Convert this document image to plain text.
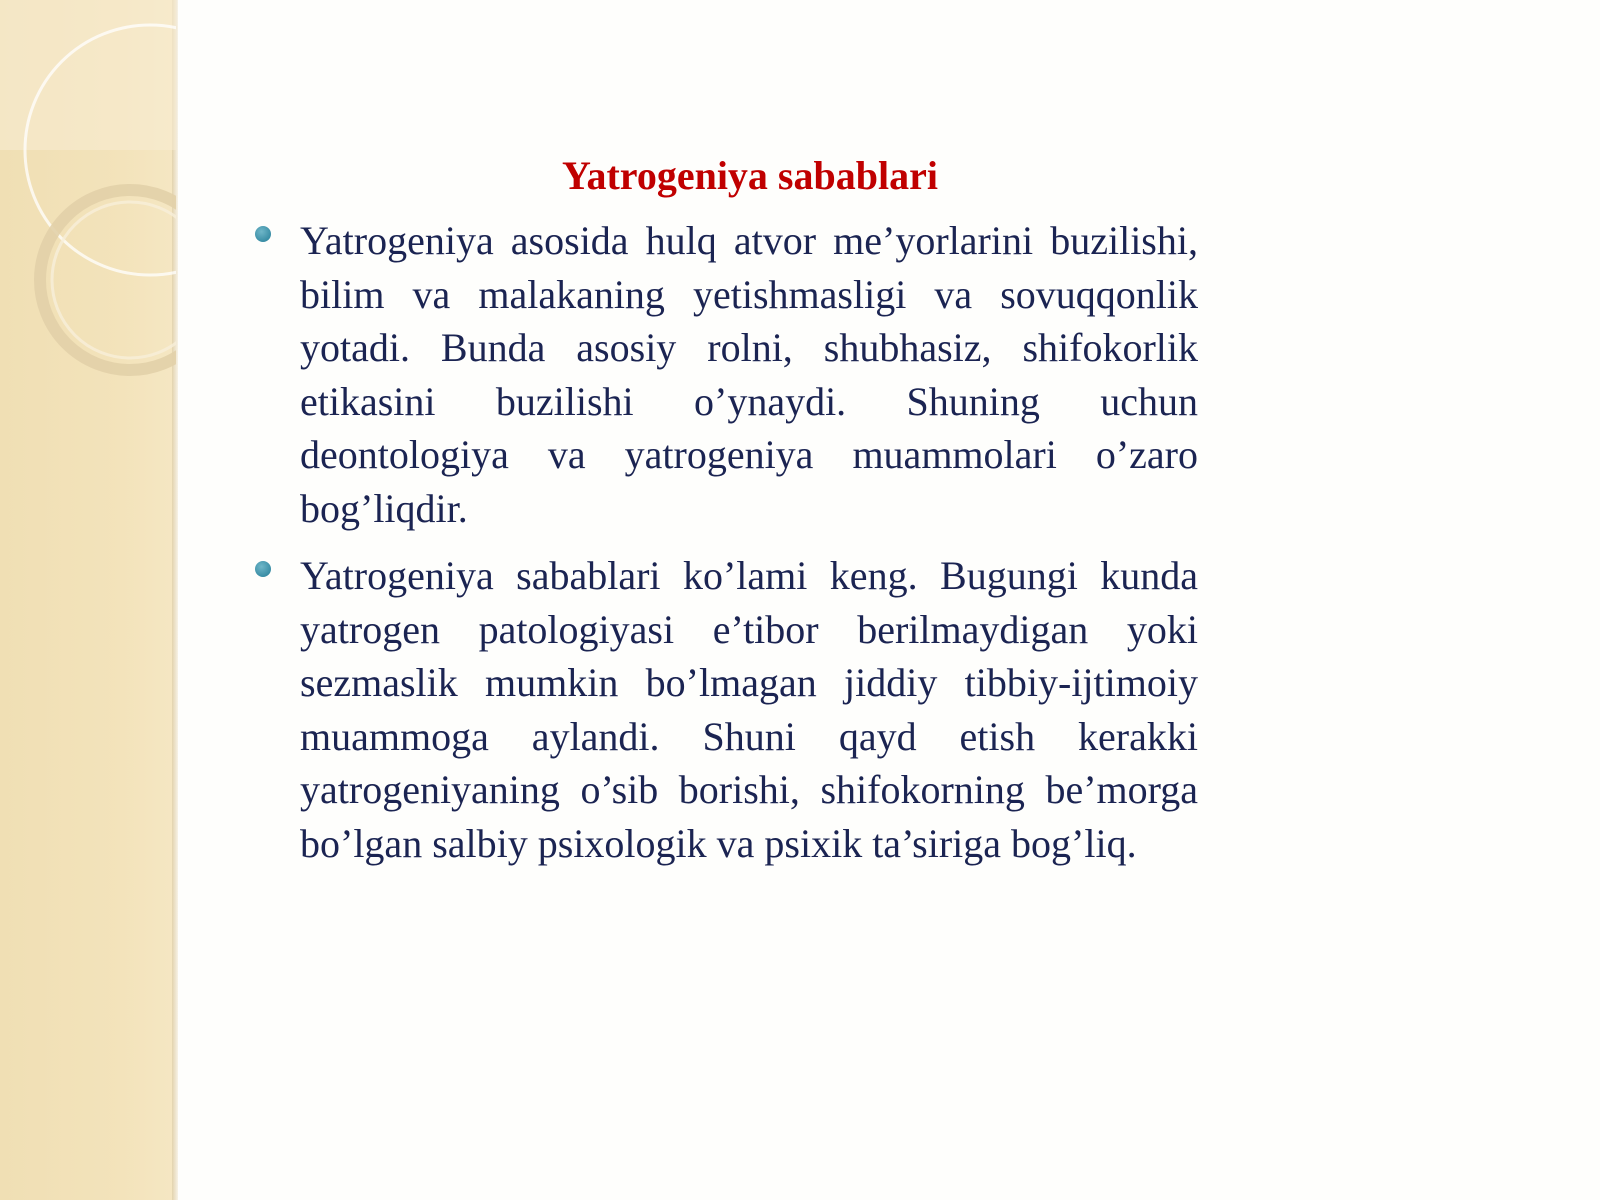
Yatrogeniya sabablari
Yatrogeniya asosida hulq atvor me’yorlarini buzilishi, bilim va malakaning yetishmasligi va sovuqqonlik yotadi. Bunda asosiy rolni, shubhasiz, shifokorlik etikasini buzilishi o’ynaydi. Shuning uchun deontologiya va yatrogeniya muammolari o’zaro bog’liqdir.
Yatrogeniya sabablari ko’lami keng. Bugungi kunda yatrogen patologiyasi e’tibor berilmaydigan yoki sezmaslik mumkin bo’lmagan jiddiy tibbiy-ijtimoiy muammoga aylandi. Shuni qayd etish kerakki yatrogeniyaning o’sib borishi, shifokorning be’morga bo’lgan salbiy psixologik va psixik ta’siriga bog’liq.
